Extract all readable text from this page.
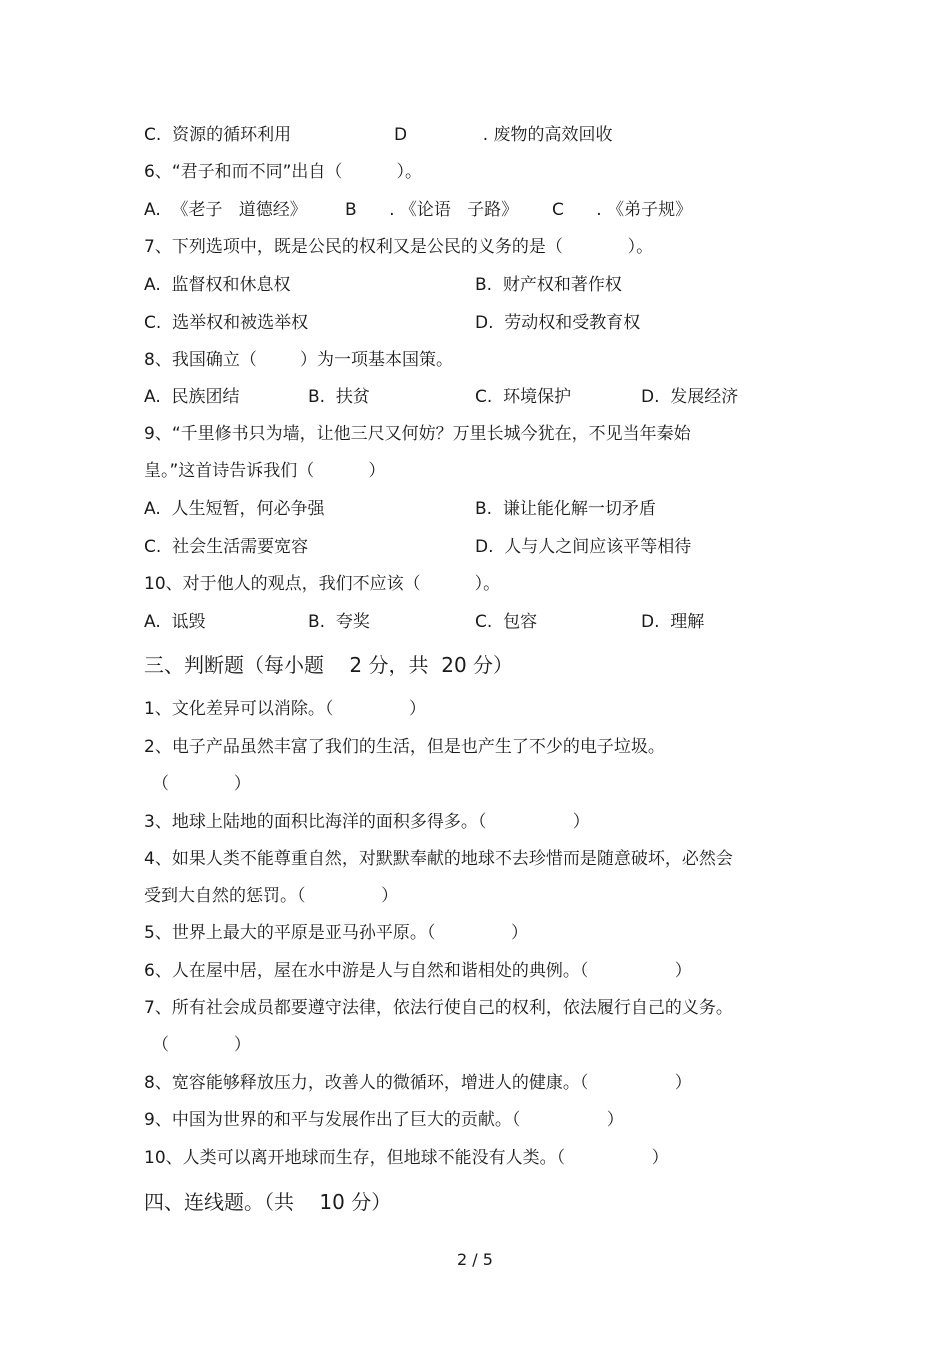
C.  资源的循环利用	D              . 废物的高效回收
6、“君子和而不同”出自（          ）。
A.  《老子   道德经》 B      . 《论语   子路》 C      . 《弟子规》
7、下列选项中，既是公民的权利又是公民的义务的是（            ）。
A.  监督权和休息权	B.  财产权和著作权
C.  选举权和被选举权	D.  劳动权和受教育权
8、我国确立（        ）为一项基本国策。
A.  民族团结	B.  扶贫	C.  环境保护	D.  发展经济
9、“千里修书只为墙，让他三尺又何妨？万里长城今犹在，不见当年秦始
皇。”这首诗告诉我们（          ）
A.  人生短暂，何必争强	B.  谦让能化解一切矛盾
C.  社会生活需要宽容	D.  人与人之间应该平等相待
10、对于他人的观点，我们不应该（          ）。
A.  诋毁	B.  夸奖	C.  包容	D.  理解
三、判断题（每小题    2 分，共  20 分）
1、文化差异可以消除。（              ）
2、电子产品虽然丰富了我们的生活，但是也产生了不少的电子垃圾。
（            ）
3、地球上陆地的面积比海洋的面积多得多。（                ）
4、如果人类不能尊重自然，对默默奉献的地球不去珍惜而是随意破坏，必然会
受到大自然的惩罚。（              ）
5、世界上最大的平原是亚马孙平原。（              ）
6、人在屋中居，屋在水中游是人与自然和谐相处的典例。（                ）
7、所有社会成员都要遵守法律，依法行使自己的权利，依法履行自己的义务。
（            ）
8、宽容能够释放压力，改善人的微循环，增进人的健康。（                ）
9、中国为世界的和平与发展作出了巨大的贡献。（                ）
10、人类可以离开地球而生存，但地球不能没有人类。（                ）
四、连线题。（共    10 分）
2 / 5
